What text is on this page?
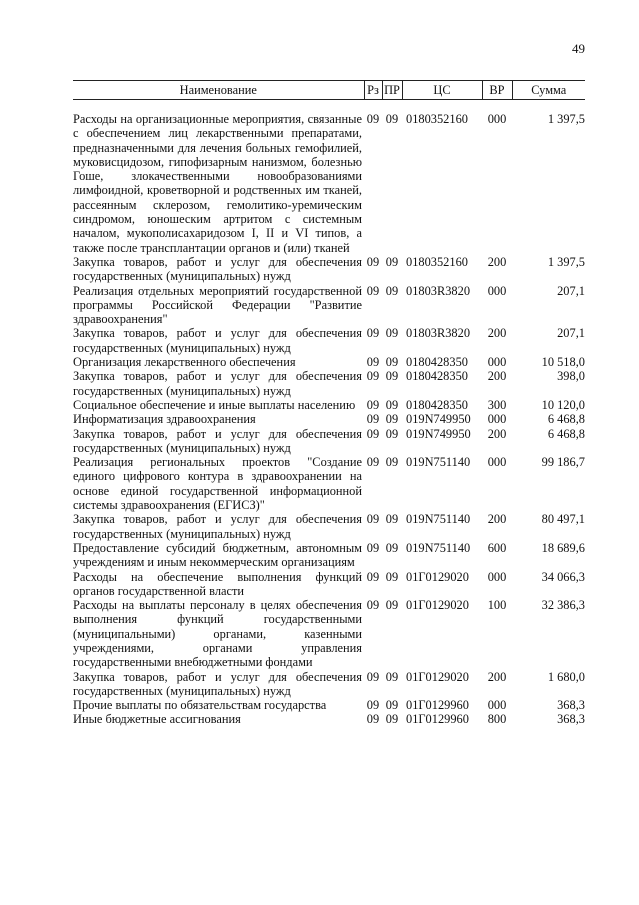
49
Наименование	Рз	ПР	ЦС	ВР	Сумма
Расходы на организационные мероприятия, связанные с обеспечением лиц лекарственными препаратами, предназначенными для лечения больных гемофилией, муковисцидозом, гипофизарным нанизмом, болезнью Гоше, злокачественными новообразованиями лимфоидной, кроветворной и родственных им тканей, рассеянным склерозом, гемолитико-уремическим синдромом, юношеским артритом с системным началом, мукополисахаридозом I, II и VI типов, а также после трансплантации органов и (или) тканей	09	09	0180352160	000	1 397,5
Закупка товаров, работ и услуг для обеспечения государственных (муниципальных) нужд	09	09	0180352160	200	1 397,5
Реализация отдельных мероприятий государственной программы Российской Федерации "Развитие здравоохранения"	09	09	01803R3820	000	207,1
Закупка товаров, работ и услуг для обеспечения государственных (муниципальных) нужд	09	09	01803R3820	200	207,1
Организация лекарственного обеспечения	09	09	0180428350	000	10 518,0
Закупка товаров, работ и услуг для обеспечения государственных (муниципальных) нужд	09	09	0180428350	200	398,0
Социальное обеспечение и иные выплаты населению	09	09	0180428350	300	10 120,0
Информатизация здравоохранения	09	09	019N749950	000	6 468,8
Закупка товаров, работ и услуг для обеспечения государственных (муниципальных) нужд	09	09	019N749950	200	6 468,8
Реализация региональных проектов "Создание единого цифрового контура в здравоохранении на основе единой государственной информационной системы здравоохранения (ЕГИСЗ)"	09	09	019N751140	000	99 186,7
Закупка товаров, работ и услуг для обеспечения государственных (муниципальных) нужд	09	09	019N751140	200	80 497,1
Предоставление субсидий бюджетным, автономным учреждениям и иным некоммерческим организациям	09	09	019N751140	600	18 689,6
Расходы на обеспечение выполнения функций органов государственной власти	09	09	01Г0129020	000	34 066,3
Расходы на выплаты персоналу в целях обеспечения выполнения функций государственными (муниципальными) органами, казенными учреждениями, органами управления государственными внебюджетными фондами	09	09	01Г0129020	100	32 386,3
Закупка товаров, работ и услуг для обеспечения государственных (муниципальных) нужд	09	09	01Г0129020	200	1 680,0
Прочие выплаты по обязательствам государства	09	09	01Г0129960	000	368,3
Иные бюджетные ассигнования	09	09	01Г0129960	800	368,3
